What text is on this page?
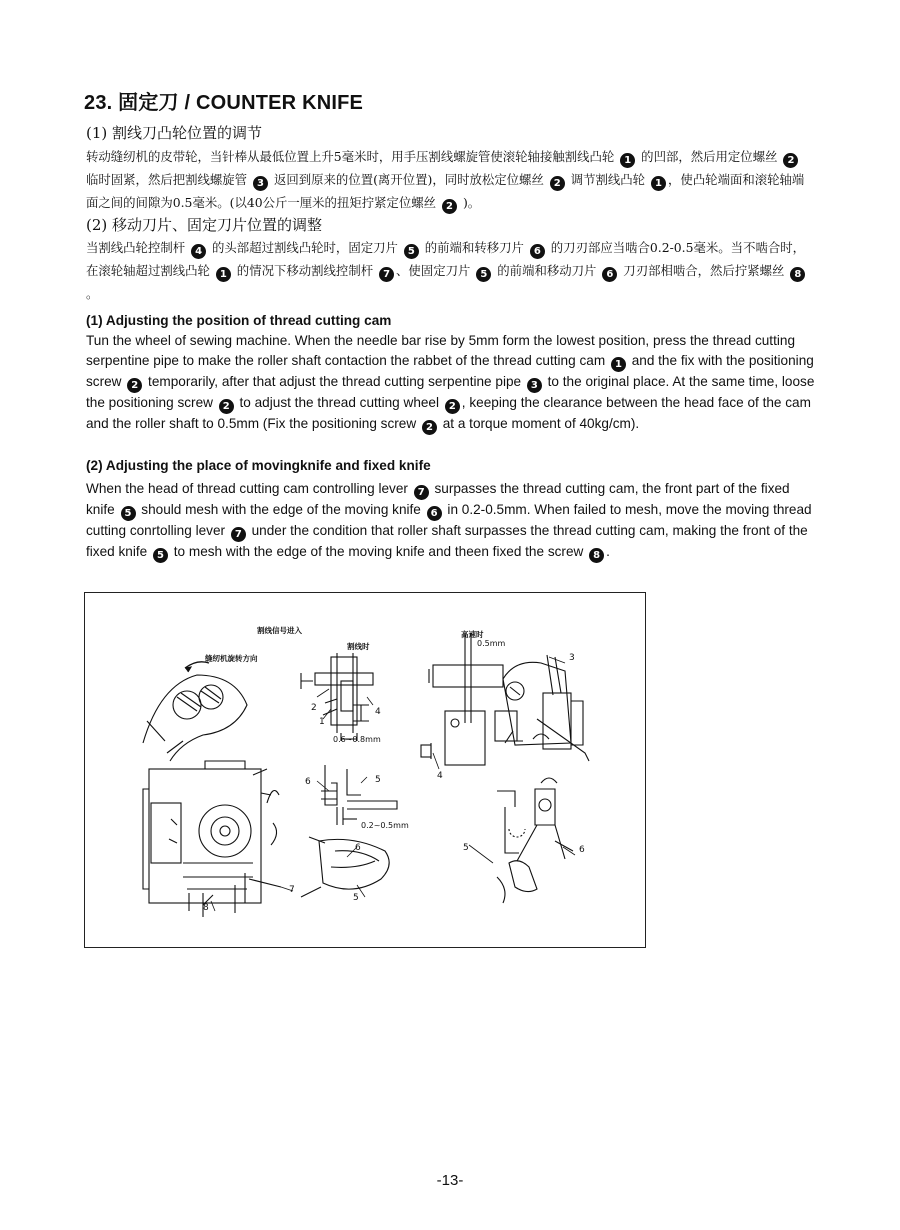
23. 固定刀 / COUNTER KNIFE
(1) 割线刀凸轮位置的调节
转动缝纫机的皮带轮，当针棒从最低位置上升5毫米时，用手压割线螺旋管使滚轮轴接触割线凸轮 1 的凹部，然后用定位螺丝 2 临时固紧，然后把割线螺旋管 3 返回到原来的位置(离开位置)，同时放松定位螺丝 2 调节割线凸轮 1 ，使凸轮端面和滚轮轴端面之间的间隙为0.5毫米。(以40公斤一厘米的扭矩拧紧定位螺丝 2 )。
(2) 移动刀片、固定刀片位置的调整
当割线凸轮控制杆 4 的头部超过割线凸轮时，固定刀片 5 的前端和转移刀片 6 的刀刃部应当啮合0.2-0.5毫米。当不啮合时，在滚轮轴超过割线凸轮 1 的情况下移动割线控制杆 7 、使固定刀片 5 的前端和移动刀片 6 刀刃部相啮合，然后拧紧螺丝 8。
(1) Adjusting the position of thread cutting cam
Tun the wheel of sewing machine. When the needle bar rise by 5mm form the lowest position, press the thread cutting serpentine pipe to make the roller shaft contaction the rabbet of the thread cutting cam 1 and the fix with the positioning screw 2 temporarily, after that adjust the thread cutting serpentine pipe 3 to the original place. At the same time, loose the positioning screw 2 to adjust the thread cutting wheel 2 , keeping the clearance between the head face of the cam and the roller shaft to 0.5mm (Fix the positioning screw 2 at a torque moment of 40kg/cm).
(2) Adjusting the place of movingknife and fixed knife
When the head of thread cutting cam controlling lever 7 surpasses the thread cutting cam, the front part of the fixed knife 5 should mesh with the edge of the moving knife 6 in 0.2-0.5mm. When failed to mesh, move the moving thread cutting conrtolling lever 7 under the condition that roller shaft surpasses the thread cutting cam, making the front of the fixed knife 5 to mesh with the edge of the moving knife and theen fixed the screw 8 .
割线信号进入
缝纫机旋转方向
割线时
高速时
0.5mm
0.6~0.8mm
0.2~0.5mm
3
2
1
4
4
6	5
6
5
5	6
7
8
-13-
